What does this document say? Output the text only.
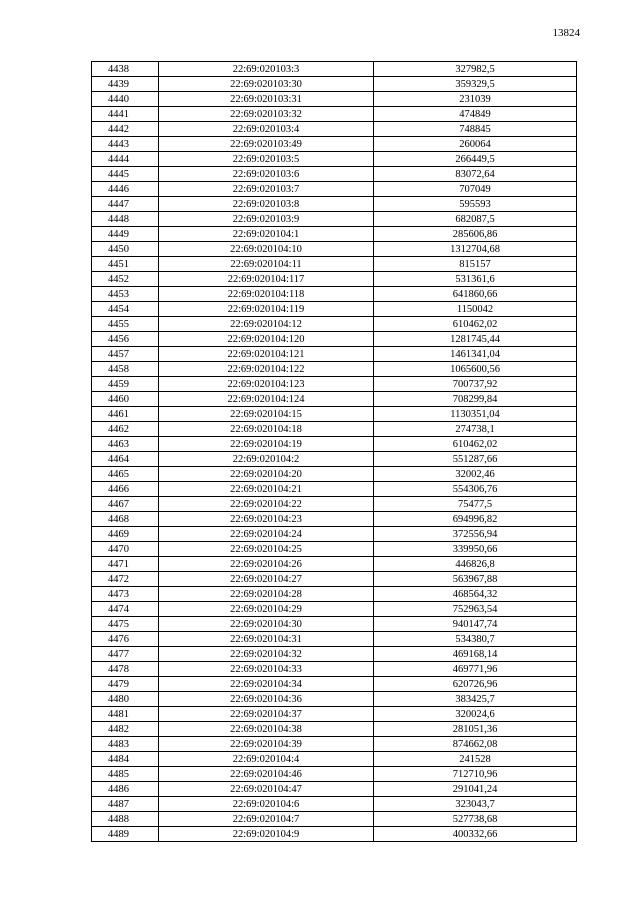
13824
4438	22:69:020103:3	327982,5
4439	22:69:020103:30	359329,5
4440	22:69:020103:31	231039
4441	22:69:020103:32	474849
4442	22:69:020103:4	748845
4443	22:69:020103:49	260064
4444	22:69:020103:5	266449,5
4445	22:69:020103:6	83072,64
4446	22:69:020103:7	707049
4447	22:69:020103:8	595593
4448	22:69:020103:9	682087,5
4449	22:69:020104:1	285606,86
4450	22:69:020104:10	1312704,68
4451	22:69:020104:11	815157
4452	22:69:020104:117	531361,6
4453	22:69:020104:118	641860,66
4454	22:69:020104:119	1150042
4455	22:69:020104:12	610462,02
4456	22:69:020104:120	1281745,44
4457	22:69:020104:121	1461341,04
4458	22:69:020104:122	1065600,56
4459	22:69:020104:123	700737,92
4460	22:69:020104:124	708299,84
4461	22:69:020104:15	1130351,04
4462	22:69:020104:18	274738,1
4463	22:69:020104:19	610462,02
4464	22:69:020104:2	551287,66
4465	22:69:020104:20	32002,46
4466	22:69:020104:21	554306,76
4467	22:69:020104:22	75477,5
4468	22:69:020104:23	694996,82
4469	22:69:020104:24	372556,94
4470	22:69:020104:25	339950,66
4471	22:69:020104:26	446826,8
4472	22:69:020104:27	563967,88
4473	22:69:020104:28	468564,32
4474	22:69:020104:29	752963,54
4475	22:69:020104:30	940147,74
4476	22:69:020104:31	534380,7
4477	22:69:020104:32	469168,14
4478	22:69:020104:33	469771,96
4479	22:69:020104:34	620726,96
4480	22:69:020104:36	383425,7
4481	22:69:020104:37	320024,6
4482	22:69:020104:38	281051,36
4483	22:69:020104:39	874662,08
4484	22:69:020104:4	241528
4485	22:69:020104:46	712710,96
4486	22:69:020104:47	291041,24
4487	22:69:020104:6	323043,7
4488	22:69:020104:7	527738,68
4489	22:69:020104:9	400332,66
